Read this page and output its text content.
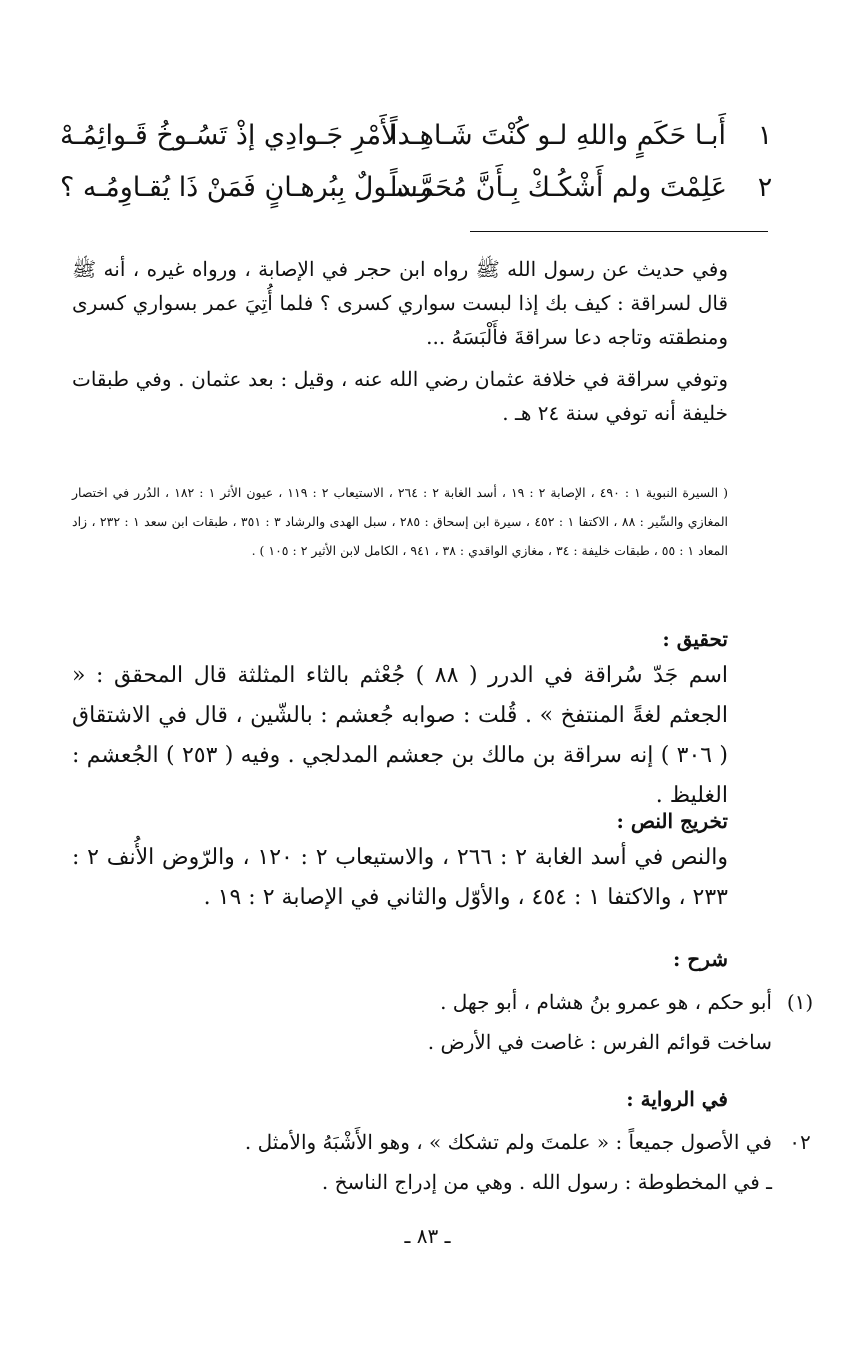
١
أَبـا حَكَمٍ واللهِ لـو كُنْتَ شَـاهِـداً
لأَمْرِ جَـوادِي إذْ تَسُـوخُ قَـوائِمُـهْ
٢
عَلِمْتَ ولم أَشْكُـكْ بِـأَنَّ مُحَمَّـداً
رسـولٌ بِبُرهـانٍ فَمَنْ ذَا يُقـاوِمُـه ؟

وفي حديث عن رسول الله ﷺ رواه ابن حجر في الإصابة ، ورواه غيره ، أنه ﷺ قال لسراقة : كيف بك إذا لبست سواري كسرى ؟ فلما أُتِيَ عمر بسواري كسرى ومنطقته وتاجه دعا سراقةَ فأَلْبَسَهُ ...

وتوفي سراقة في خلافة عثمان رضي الله عنه ، وقيل : بعد عثمان . وفي طبقات خليفة أنه توفي سنة ٢٤ هـ .

( السيرة النبوية ١ : ٤٩٠ ، الإصابة ٢ : ١٩ ، أسد الغابة ٢ : ٢٦٤ ، الاستيعاب ٢ : ١١٩ ، عيون الأثر ١ : ١٨٢ ، الدُرر في اختصار المغازي والسِّير : ٨٨ ، الاكتفا ١ : ٤٥٢ ، سيرة ابن إسحاق : ٢٨٥ ، سبل الهدى والرشاد ٣ : ٣٥١ ، طبقات ابن سعد ١ : ٢٣٢ ، زاد المعاد ١ : ٥٥ ، طبقات خليفة : ٣٤ ، مغازي الواقدي : ٣٨ ، ٩٤١ ، الكامل لابن الأثير ٢ : ١٠٥ ) .

تحقيق :

اسم جَدّ سُراقة في الدرر ( ٨٨ ) جُعْثم بالثاء المثلثة قال المحقق : « الجعثم لغةً المنتفخ » . قُلت : صوابه جُعشم : بالشّين ، قال في الاشتقاق ( ٣٠٦ ) إنه سراقة بن مالك بن جعشم المدلجي . وفيه ( ٢٥٣ ) الجُعشم : الغليظ .

تخريج النص :

والنص في أسد الغابة ٢ : ٢٦٦ ، والاستيعاب ٢ : ١٢٠ ، والرّوض الأُنف ٢ : ٢٣٣ ، والاكتفا ١ : ٤٥٤ ، والأوّل والثاني في الإصابة ٢ : ١٩ .

شرح :

(١)
أبو حكم ، هو عمرو بنُ هشام ، أبو جهل .
ساخت قوائم الفرس : غاصت في الأرض .

في الرواية :

٠٢
في الأصول جميعاً : « علمتَ ولم تشكك » ، وهو الأَشْبَهُ والأمثل .
ـ في المخطوطة : رسول الله . وهي من إدراج الناسخ .
ـ ٨٣ ـ
